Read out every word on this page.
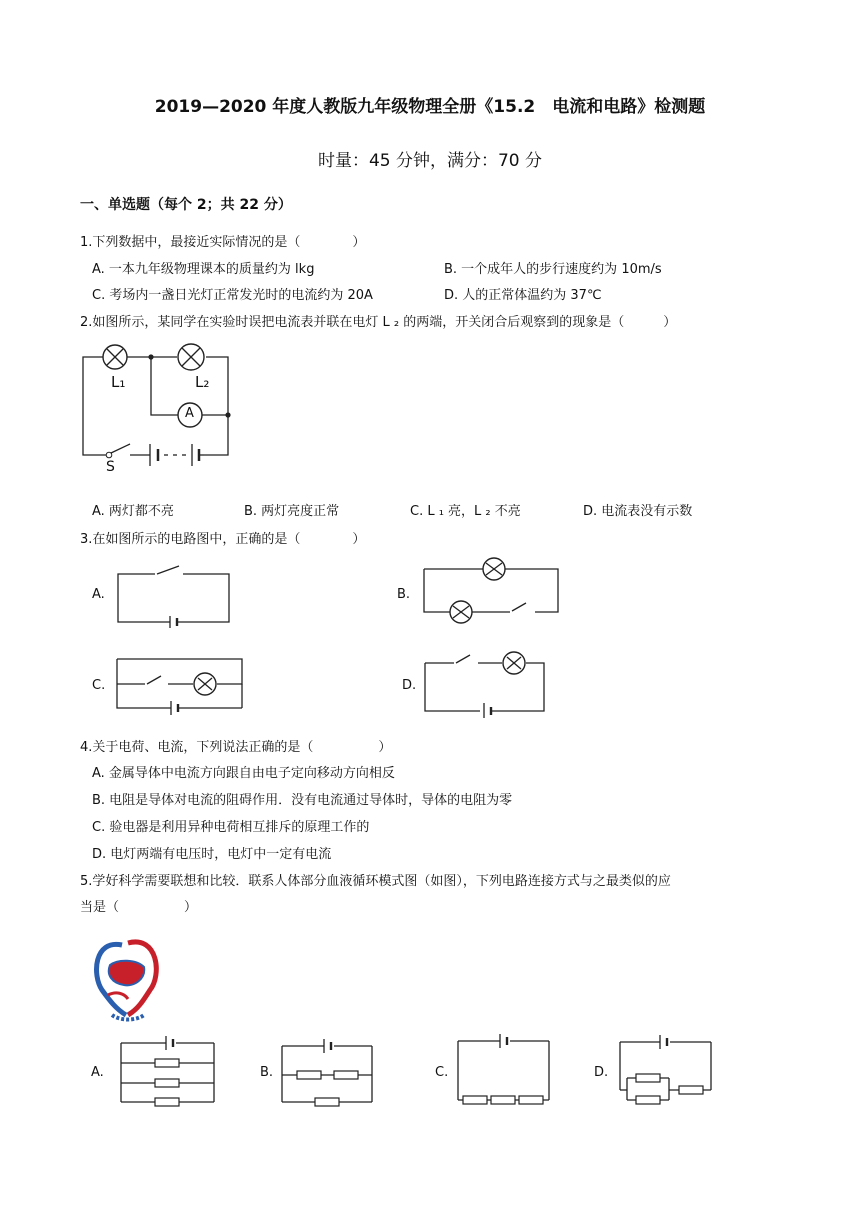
2019—2020 年度人教版九年级物理全册《15.2　电流和电路》检测题
时量：45 分钟，满分：70 分
一、单选题（每个 2；共 22 分）
1.下列数据中，最接近实际情况的是（　　　　）
A. 一本九年级物理课本的质量约为 lkg	B. 一个成年人的步行速度约为 10m/s
C. 考场内一盏日光灯正常发光时的电流约为 20A	D. 人的正常体温约为 37℃
2.如图所示，某同学在实验时误把电流表并联在电灯 L ₂ 的两端，开关闭合后观察到的现象是（　　　）
L₁	L₂
A
S
A. 两灯都不亮	B. 两灯亮度正常	C. L ₁ 亮，L ₂ 不亮	D. 电流表没有示数
3.在如图所示的电路图中，正确的是（　　　　）
A.	B.
C.	D.
4.关于电荷、电流，下列说法正确的是（　　　　　）
A. 金属导体中电流方向跟自由电子定向移动方向相反
B. 电阻是导体对电流的阻碍作用．没有电流通过导体时，导体的电阻为零
C. 验电器是利用异种电荷相互排斥的原理工作的
D. 电灯两端有电压时，电灯中一定有电流
5.学好科学需要联想和比较．联系人体部分血液循环模式图（如图），下列电路连接方式与之最类似的应
当是（　　　　　）
A.	B.	C.	D.
